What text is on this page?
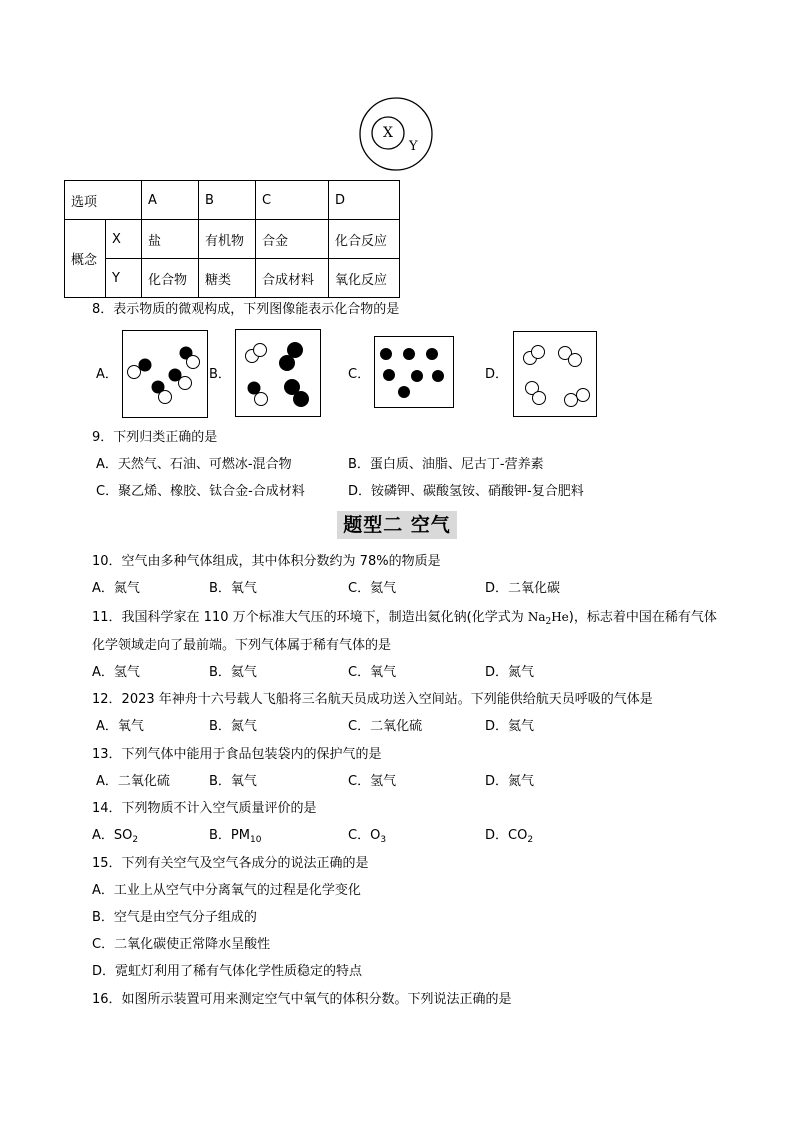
X
Y
选项		A	B	C	D
概念	X	盐	有机物	合金	化合反应
	Y	化合物	糖类	合成材料	氧化反应
8．表示物质的微观构成，下列图像能表示化合物的是
A．	B．	C．	D．
9．下列归类正确的是
A．天然气、石油、可燃冰-混合物	B．蛋白质、油脂、尼古丁-营养素
C．聚乙烯、橡胶、钛合金-合成材料	D．铵磷钾、碳酸氢铵、硝酸钾-复合肥料
题型二 空气
10．空气由多种气体组成，其中体积分数约为 78%的物质是
A．氮气	B．氧气	C．氦气	D．二氧化碳
11．我国科学家在 110 万个标准大气压的环境下，制造出氦化钠(化学式为 $Na_2He$)，标志着中国在稀有气体
化学领域走向了最前端。下列气体属于稀有气体的是
A．氢气	B．氦气	C．氧气	D．氮气
12．2023 年神舟十六号载人飞船将三名航天员成功送入空间站。下列能供给航天员呼吸的气体是
A．氧气	B．氮气	C．二氧化硫	D．氦气
13．下列气体中能用于食品包装袋内的保护气的是
A．二氧化硫	B．氧气	C．氢气	D．氮气
14．下列物质不计入空气质量评价的是
A．$SO_2$	B．$PM_{10}$	C．$O_3$	D．$CO_2$
15．下列有关空气及空气各成分的说法正确的是
A．工业上从空气中分离氧气的过程是化学变化
B．空气是由空气分子组成的
C．二氧化碳使正常降水呈酸性
D．霓虹灯利用了稀有气体化学性质稳定的特点
16．如图所示装置可用来测定空气中氧气的体积分数。下列说法正确的是
